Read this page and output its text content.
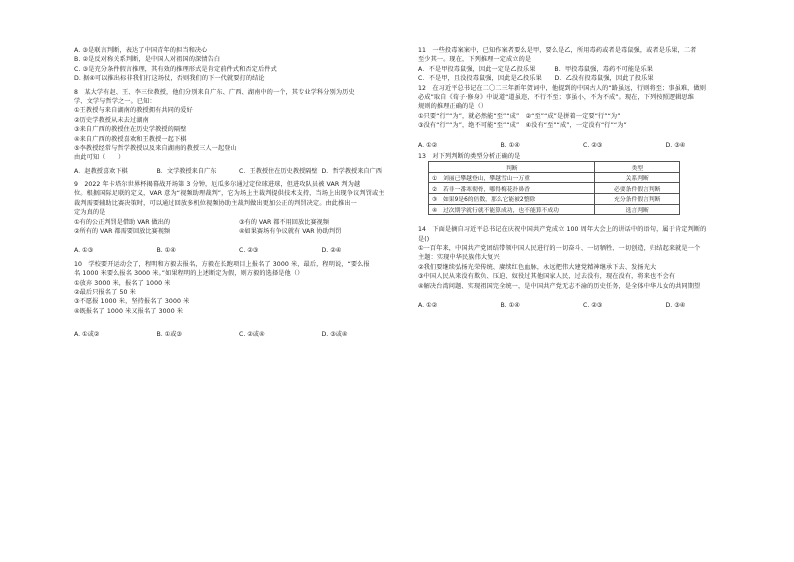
A. ③是联言判断，表达了中国青年的担当和决心
B. ②是反对称关系判断，是中国人对祖国的深情告白
C. ③是充分条件假言推理，其有效的推理形式是肯定前件式和否定后件式
D. 据④可以推出标非我们打这场仗，否则我们的下一代就要打的结论
8　某大学有赵、王、李三位教授，他们分别来自广东、广西、湖南中的一个，其专业学科分别为历史
学、文学与哲学之一。已知：
①王教授与来自湖南的教授拥有共同的爱好
②历史学教授从未去过湖南
③来自广西的教授住在历史学教授的隔壁
④来自广西的教授喜欢和王教授一起下棋
⑤李教授经常与哲学教授以及来自湖南的教授三人一起登山
由此可知（　　）
A．赵教授喜欢下棋	B．文学教授来自广东	C．王教授住在历史教授隔壁 D．哲学教授来自广西
9　2022 年卡塔尔世界杯揭幕战开场第 3 分钟，厄瓜多尔通过定位球进球，但进攻队员被 VAR 判为越
位。根据国际足联的定义，VAR 意为“视频助理裁判”，它为场上主裁判提供技术支持，当场上出现争议判罚或主
裁判需要辅助比赛决策时，可以通过回放多机位视频协助主裁判做出更加公正的判罚决定。由此推出一
定为真的是
①有的公正判罚是借助 VAR 做出的	③有的 VAR 都不用回放比赛视频
②所有的 VAR 都需要回放比赛视频	④如果赛场有争议就有 VAR 协助判罚
A. ①③	B. ①④	C. ②③	D. ②④
10　学校要开运动会了，程明和方毅去报名，方毅在长跑项目上报名了 3000 米，最后，程明说，“要么报
名 1000 米要么报名 3000 米。”如果程明的上述断定为假，则方毅的选择是他（）
①放弃 3000 米，报名了 1000 米
②最后只报名了 50 米
③不愿报 1000 米，坚持报名了 3000 米
④既报名了 1000 米又报名了 3000 米
A. ①或②	B. ①或③	C. ②或④	D. ③或④
11　一些投毒案案中，已知作案者要么是甲，要么是乙，所用毒药或者是毒鼠强，或者是乐果，二者
至少其一。现在，下列推理一定成立的是
A．不是甲投毒鼠强，因此一定是乙投乐果　　　B．甲投毒鼠强，毒药不可能是乐果
C．不是甲，且没投毒鼠强，因此是乙投乐果　　D．乙没有投毒鼠强，因此了投乐果
12　在习近平总书记在二〇二三年新年贺词中，他提到的中国古人的“路虽远，行则将至；事虽难，做则
必成”取自《荀子·修身》中说道“道虽迩，不行不至；事虽小，不为不成”。现在，下列按照逻辑思维
规则的推理正确的是（）
①只要“行”“为”，就必然能“至”“成”　②“至”“成”是拼着一定要“行”“为”
③没有“行”“为”，绝不可能“至”“成”　④没有“至”“成”，一定没有“行”“为”
A. ①②	B. ①④	C. ②③	D. ③④
13　对下列判断的类型分析正确的是
判断	类型
①　刘丽已攀越登山，攀越雪山一万重	关系判断
②　若非一番寒彻骨，哪得梅花扑鼻香	必要条件假言判断
③　如果9是6的倍数，那么它能被2整除	充分条件假言判断
④　过次期学就行就不能算成功，也不能算不成功	选言判断
14　下面是摘自习近平总书记在庆祝中国共产党成立 100 周年大会上的讲话中的语句，属于肯定判断的
是()
①一百年来，中国共产党团结带领中国人民进行的一切奋斗、一切牺牲、一切创造，归结起来就是一个
主题：实现中华民族伟大复兴
②我们要继续弘扬光荣传统、赓续红色血脉，永远把伟大建党精神继承下去、发扬光大
③中国人民从来没有欺负、压迫、奴役过其他国家人民，过去没有，现在没有，将来也不会有
④解决台湾问题、实现祖国完全统一，是中国共产党无志不渝的历史任务，是全体中华儿女的共同期望
A. ①②	B. ①④	C. ②③	D. ③④
